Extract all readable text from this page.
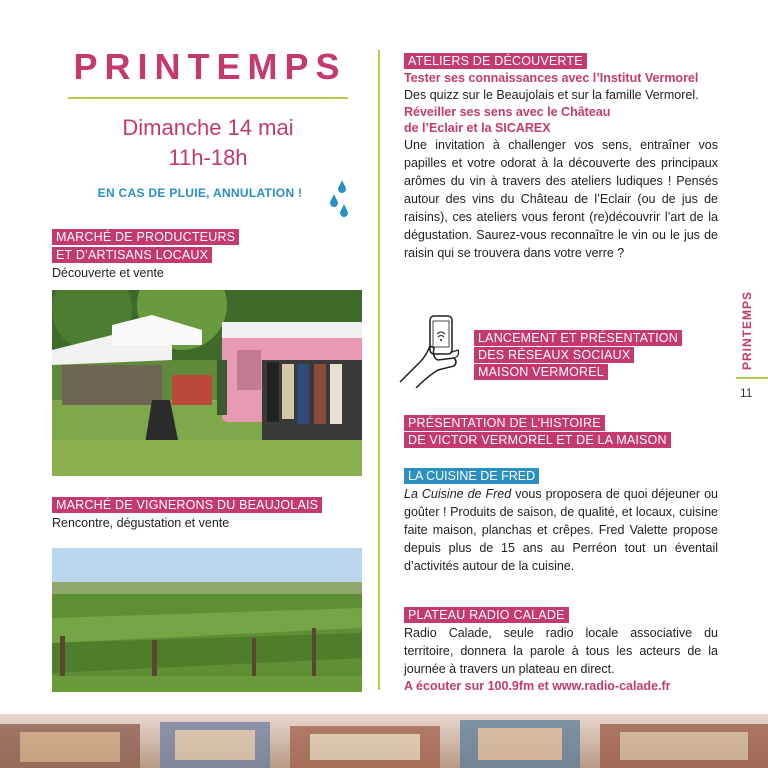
PRINTEMPS
Dimanche 14 mai
11h-18h
EN CAS DE PLUIE, ANNULATION !
MARCHÉ DE PRODUCTEURS
ET D’ARTISANS LOCAUX
Découverte et vente
MARCHÉ DE VIGNERONS DU BEAUJOLAIS
Rencontre, dégustation et vente
ATELIERS DE DÉCOUVERTE
Tester ses connaissances avec l’Institut Vermorel
Des quizz sur le Beaujolais et sur la famille Vermorel.
Réveiller ses sens avec le Château
de l’Eclair et la SICAREX
Une invitation à challenger vos sens, entraîner vos papilles et votre odorat à la découverte des principaux arômes du vin à travers des ateliers ludiques ! Pensés autour des vins du Château de l’Eclair (ou de jus de raisins), ces ateliers vous feront (re)découvrir l’art de la dégustation. Saurez-vous reconnaître le vin ou le jus de raisin qui se trouvera dans votre verre ?
LANCEMENT ET PRÉSENTATION
DES RÉSEAUX SOCIAUX
MAISON VERMOREL
PRÉSENTATION DE L’HISTOIRE
DE VICTOR VERMOREL ET DE LA MAISON
LA CUISINE DE FRED
La Cuisine de Fred vous proposera de quoi déjeuner ou goûter ! Produits de saison, de qualité, et locaux, cuisine faite maison, planchas et crêpes. Fred Valette propose depuis plus de 15 ans au Perréon tout un éventail d’activités autour de la cuisine.
PLATEAU RADIO CALADE
Radio Calade, seule radio locale associative du territoire, donnera la parole à tous les acteurs de la journée à travers un plateau en direct.
A écouter sur 100.9fm et www.radio-calade.fr
PRINTEMPS
11
